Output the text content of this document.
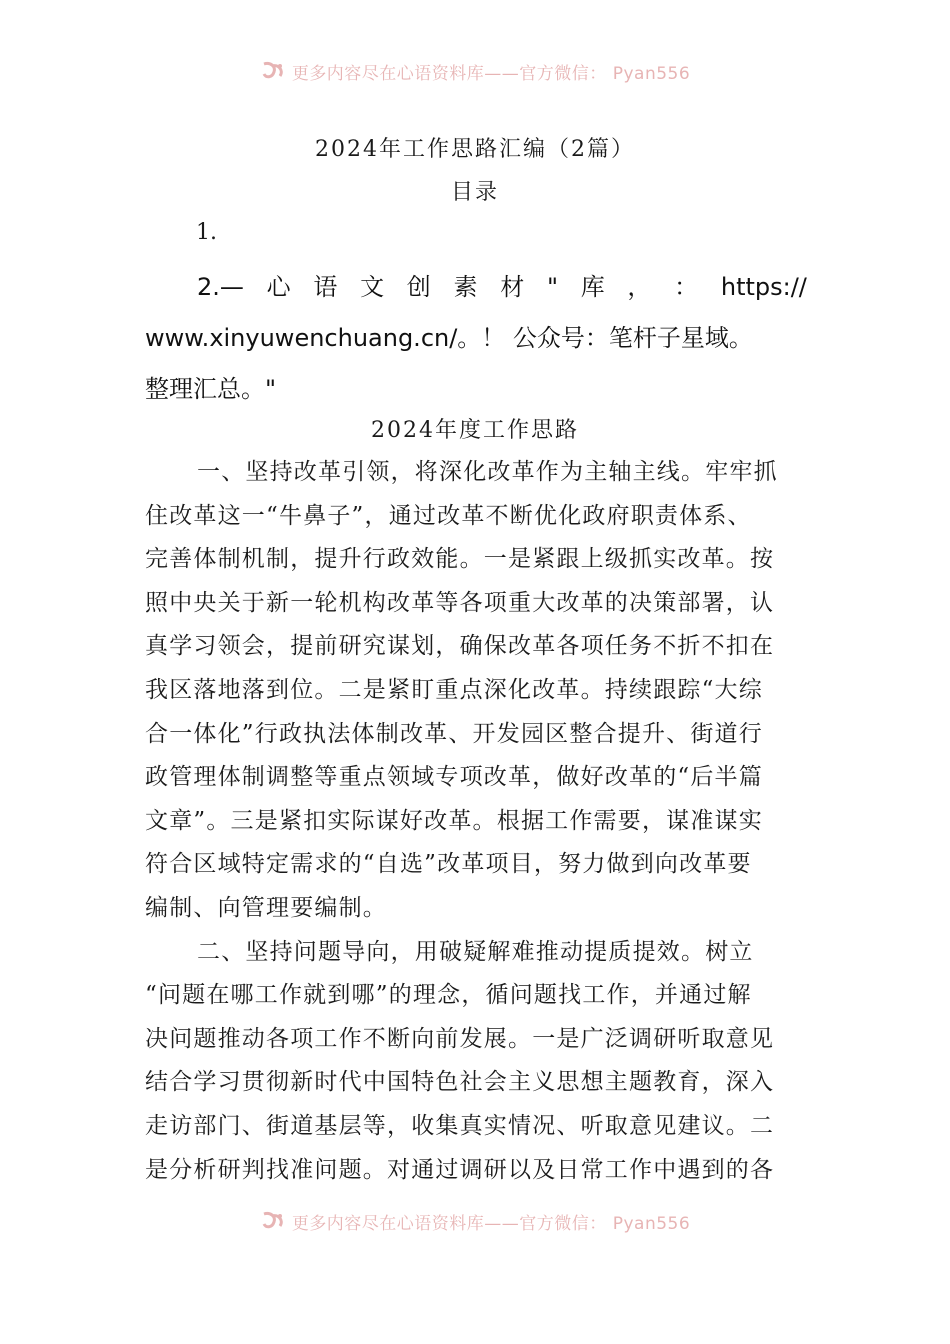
更多内容尽在心语资料库——官方微信： Pyan556
2024年工作思路汇编（2篇）
目录
1.
2.— 心 语 文 创 素 材 " 库 ， ： https://
www.xinyuwenchuang.cn/。！ 公众号：笔杆子星域。
整理汇总。"
2024年度工作思路
一、坚持改革引领，将深化改革作为主轴主线。牢牢抓
住改革这一“牛鼻子”，通过改革不断优化政府职责体系、
完善体制机制，提升行政效能。一是紧跟上级抓实改革。按
照中央关于新一轮机构改革等各项重大改革的决策部署，认
真学习领会，提前研究谋划，确保改革各项任务不折不扣在
我区落地落到位。二是紧盯重点深化改革。持续跟踪“大综
合一体化”行政执法体制改革、开发园区整合提升、街道行
政管理体制调整等重点领域专项改革，做好改革的“后半篇
文章”。三是紧扣实际谋好改革。根据工作需要，谋准谋实
符合区域特定需求的“自选”改革项目，努力做到向改革要
编制、向管理要编制。
二、坚持问题导向，用破疑解难推动提质提效。树立
“问题在哪工作就到哪”的理念，循问题找工作，并通过解
决问题推动各项工作不断向前发展。一是广泛调研听取意见
结合学习贯彻新时代中国特色社会主义思想主题教育，深入
走访部门、街道基层等，收集真实情况、听取意见建议。二
是分析研判找准问题。对通过调研以及日常工作中遇到的各
更多内容尽在心语资料库——官方微信： Pyan556
